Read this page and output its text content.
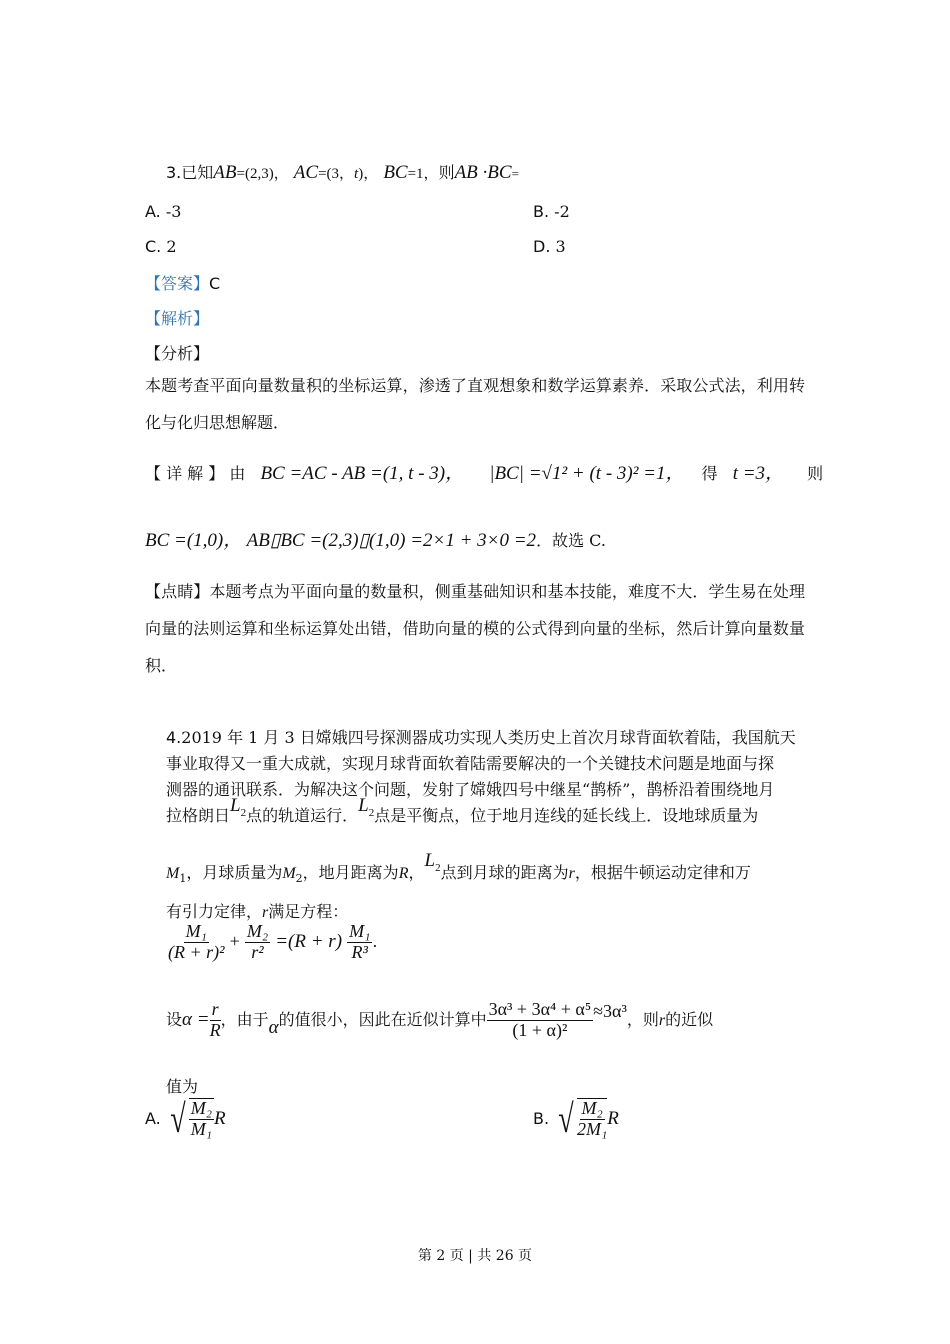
3.已知AB=(2,3)， AC=(3，t)， BC=1，则AB ·BC=
A. -3	B. -2
C. 2	D. 3
【答案】C
【解析】
【分析】
本题考查平面向量数量积的坐标运算，渗透了直观想象和数学运算素养．采取公式法，利用转化与化归思想解题．
【 详 解 】 由 BC =AC - AB =(1, t - 3)， |BC| =√1² + (t - 3)² =1， 得 t =3， 则
BC =(1,0)， AB▯BC =(2,3)▯(1,0) =2×1 + 3×0 =2．故选 C.
【点睛】本题考点为平面向量的数量积，侧重基础知识和基本技能，难度不大．学生易在处理向量的法则运算和坐标运算处出错，借助向量的模的公式得到向量的坐标，然后计算向量数量积．
4.2019 年 1 月 3 日嫦娥四号探测器成功实现人类历史上首次月球背面软着陆，我国航天
事业取得又一重大成就，实现月球背面软着陆需要解决的一个关键技术问题是地面与探
测器的通讯联系．为解决这个问题，发射了嫦娥四号中继星“鹊桥”，鹊桥沿着围绕地月
拉格朗日$L_2$点的轨道运行．$L_2$点是平衡点，位于地月连线的延长线上．设地球质量为
$M_1$，月球质量为$M_2$，地月距离为R，$L_2$点到月球的距离为r，根据牛顿运动定律和万
有引力定律，r满足方程：
$\frac{\text{M₁}}{\text{(R + r)²}} + \frac{\text{M₂}}{\text{r²}} =(R + r) \frac{\text{M₁}}{\text{R³}}$ .
设$\alpha = \frac{r}{R}$ ，由于α的值很小，因此在近似计算中 $\frac{\text{3α³ + 3α⁴ + α⁵}}{\text{(1 + α)²}} \approx 3\alpha^3$，则r的近似
值为
A. √ $\frac{\text{M₂}}{\text{M₁}}$ R	B. √ $\frac{\text{M₂}}{\text{2M₁}}$ R
第 2 页 | 共 26 页
